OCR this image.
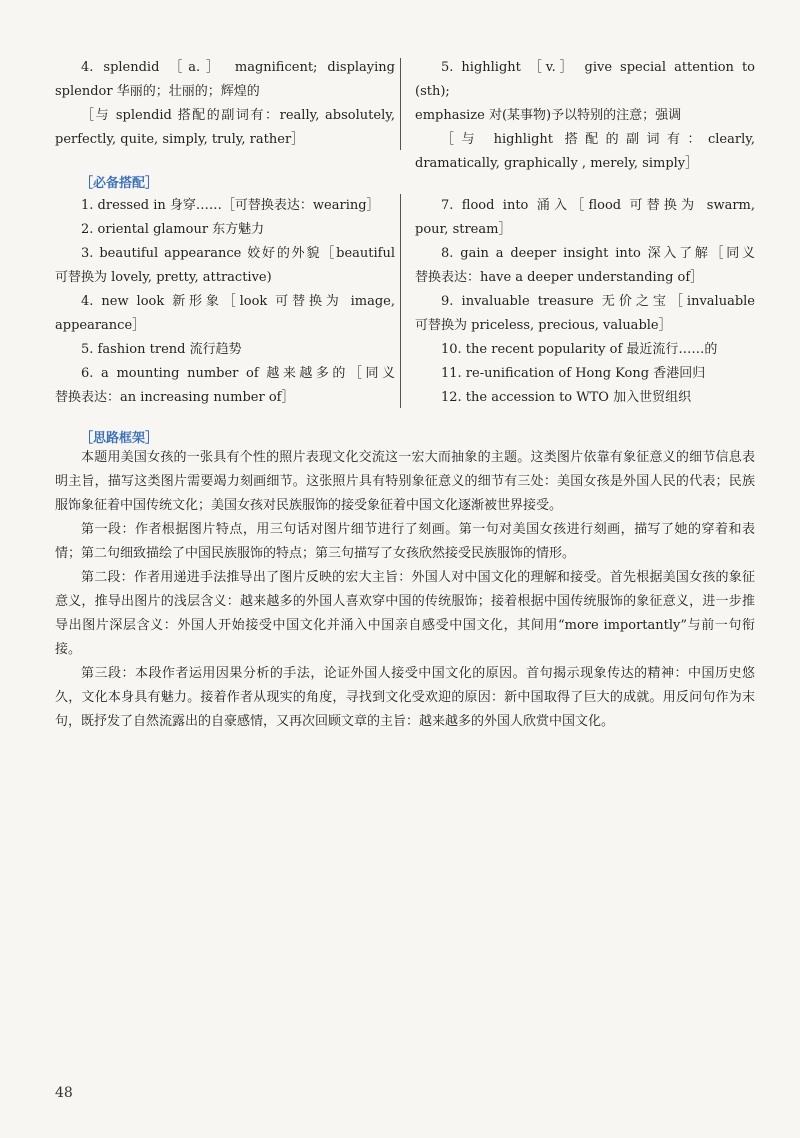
4. splendid ［a.］ magnificent; displaying

splendor 华丽的；壮丽的；辉煌的

［与 splendid 搭配的副词有：really, absolutely,

perfectly, quite, simply, truly, rather］

5. highlight ［v.］ give special attention to (sth);

emphasize 对(某事物)予以特别的注意；强调

［与 highlight 搭配的副词有：clearly,

dramatically, graphically , merely, simply］

［必备搭配］

1. dressed in 身穿……［可替换表达：wearing］

2. oriental glamour 东方魅力

3. beautiful appearance 姣好的外貌［beautiful

可替换为 lovely, pretty, attractive)

4. new look 新形象［look 可替换为 image,

appearance］

5. fashion trend 流行趋势

6. a mounting number of 越来越多的［同义

替换表达：an increasing number of］

7. flood into 涌入［flood 可替换为 swarm,

pour, stream］

8. gain a deeper insight into 深入了解［同义

替换表达：have a deeper understanding of］

9. invaluable treasure 无价之宝［invaluable

可替换为 priceless, precious, valuable］

10. the recent popularity of 最近流行……的

11. re-unification of Hong Kong 香港回归

12. the accession to WTO 加入世贸组织

［思路框架］

本题用美国女孩的一张具有个性的照片表现文化交流这一宏大而抽象的主题。这类图片依靠有象征意义的细节信息表明主旨，描写这类图片需要竭力刻画细节。这张照片具有特别象征意义的细节有三处：美国女孩是外国人民的代表；民族服饰象征着中国传统文化；美国女孩对民族服饰的接受象征着中国文化逐渐被世界接受。

第一段：作者根据图片特点，用三句话对图片细节进行了刻画。第一句对美国女孩进行刻画，描写了她的穿着和表情；第二句细致描绘了中国民族服饰的特点；第三句描写了女孩欣然接受民族服饰的情形。

第二段：作者用递进手法推导出了图片反映的宏大主旨：外国人对中国文化的理解和接受。首先根据美国女孩的象征意义，推导出图片的浅层含义：越来越多的外国人喜欢穿中国的传统服饰；接着根据中国传统服饰的象征意义，进一步推导出图片深层含义：外国人开始接受中国文化并涌入中国亲自感受中国文化，其间用“more importantly”与前一句衔接。

第三段：本段作者运用因果分析的手法，论证外国人接受中国文化的原因。首句揭示现象传达的精神：中国历史悠久，文化本身具有魅力。接着作者从现实的角度，寻找到文化受欢迎的原因：新中国取得了巨大的成就。用反问句作为末句，既抒发了自然流露出的自豪感情，又再次回顾文章的主旨：越来越多的外国人欣赏中国文化。

48
